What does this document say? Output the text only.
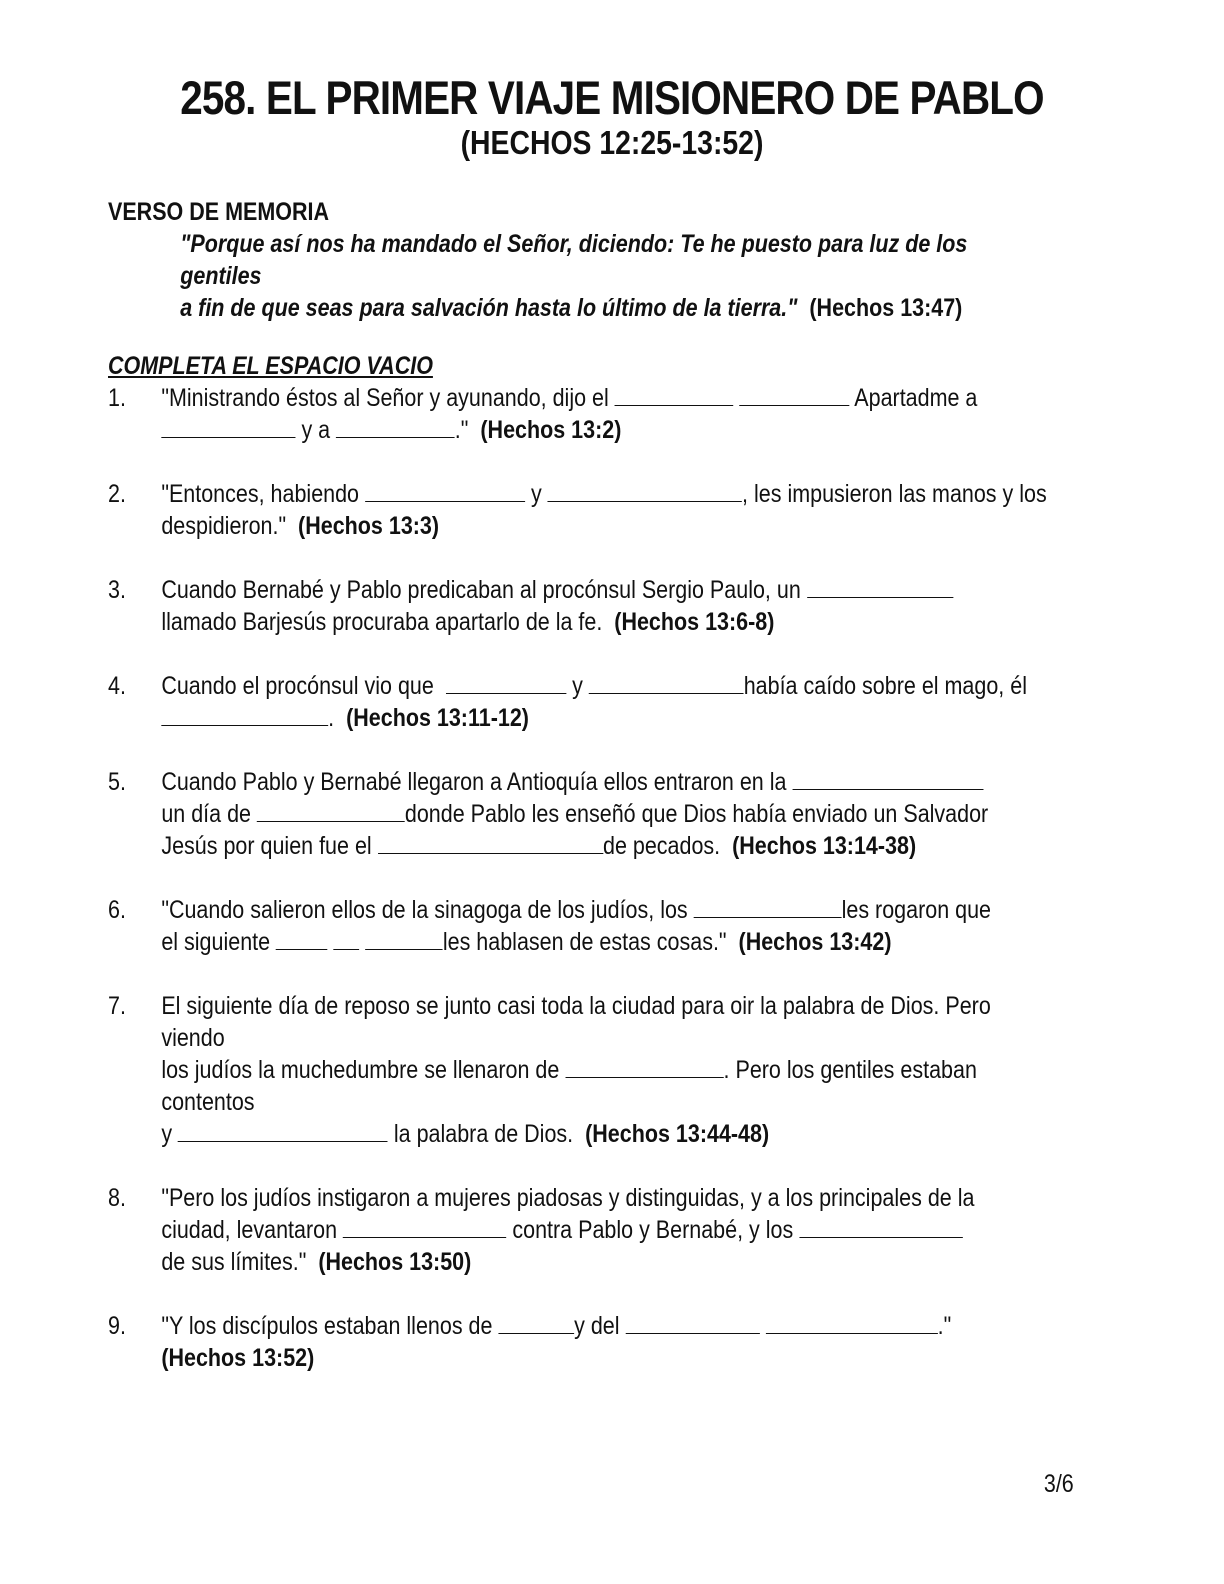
258. EL PRIMER VIAJE MISIONERO DE PABLO
(HECHOS 12:25-13:52)
VERSO DE MEMORIA
"Porque así nos ha mandado el Señor, diciendo: Te he puesto para luz de los gentiles
a fin de que seas para salvación hasta lo último de la tierra." (Hechos 13:47)
COMPLETA EL ESPACIO VACIO
1.	"Ministrando éstos al Señor y ayunando, dijo el	Apartadme a
y a	." (Hechos 13:2)
2.	"Entonces, habiendo	y	, les impusieron las manos y los
despidieron." (Hechos 13:3)
3.	Cuando Bernabé y Pablo predicaban al procónsul Sergio Paulo, un
llamado Barjesús procuraba apartarlo de la fe. (Hechos 13:6-8)
4.	Cuando el procónsul vio que	y	había caído sobre el mago, él
. (Hechos 13:11-12)
5.	Cuando Pablo y Bernabé llegaron a Antioquía ellos entraron en la
un día de	donde Pablo les enseñó que Dios había enviado un Salvador
Jesús por quien fue el	de pecados. (Hechos 13:14-38)
6.	"Cuando salieron ellos de la sinagoga de los judíos, los	les rogaron que
el siguiente	les hablasen de estas cosas." (Hechos 13:42)
7.	El siguiente día de reposo se junto casi toda la ciudad para oir la palabra de Dios. Pero viendo
los judíos la muchedumbre se llenaron de	. Pero los gentiles estaban contentos
y	la palabra de Dios. (Hechos 13:44-48)
8.	"Pero los judíos instigaron a mujeres piadosas y distinguidas, y a los principales de la
ciudad, levantaron	contra Pablo y Bernabé, y los
de sus límites." (Hechos 13:50)
9.	"Y los discípulos estaban llenos de	y del	."
(Hechos 13:52)
3/6
